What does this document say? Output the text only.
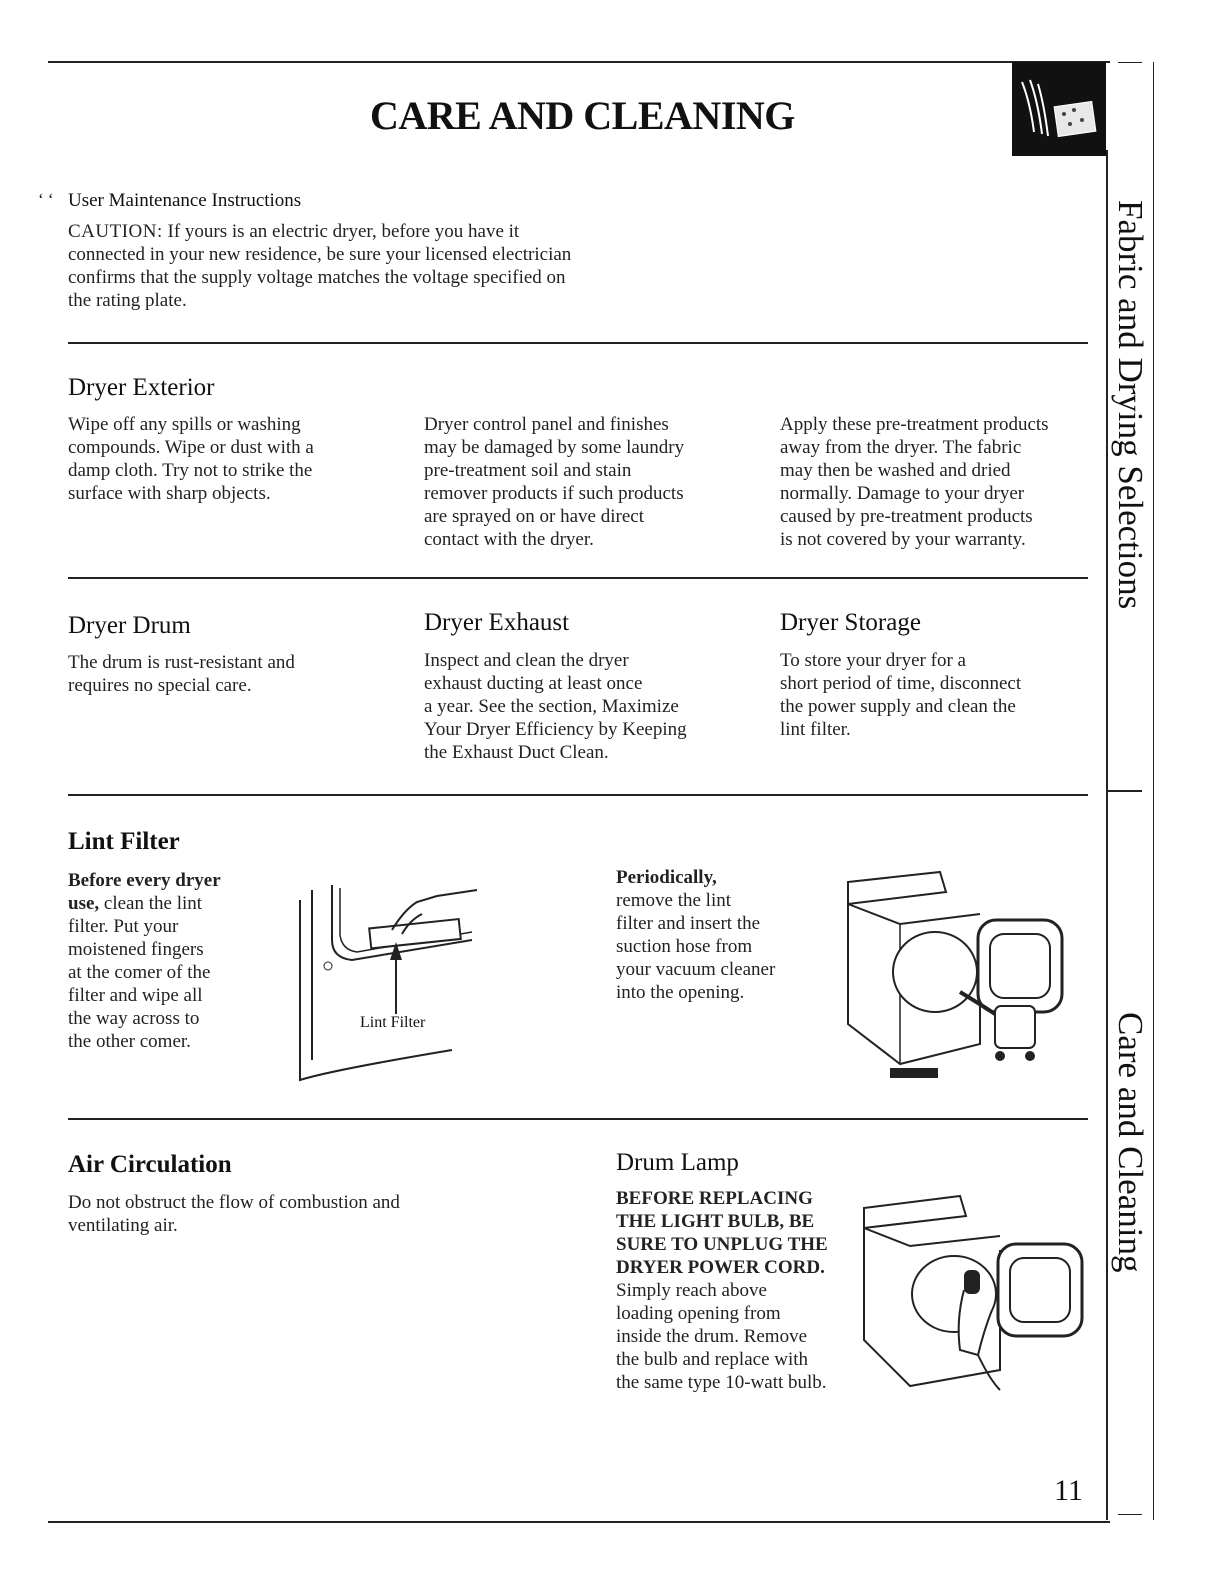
CARE AND CLEANING
‘ ‘ User Maintenance Instructions
CAUTION: If yours is an electric dryer, before you have it
connected in your new residence, be sure your licensed electrician
confirms that the supply voltage matches the voltage specified on
the rating plate.
Dryer Exterior
Wipe off any spills or washing
compounds. Wipe or dust with a
damp cloth. Try not to strike the
surface with sharp objects.
Dryer control panel and finishes
may be damaged by some laundry
pre-treatment soil and stain
remover products if such products
are sprayed on or have direct
contact with the dryer.
Apply these pre-treatment products
away from the dryer. The fabric
may then be washed and dried
normally. Damage to your dryer
caused by pre-treatment products
is not covered by your warranty.
Dryer Drum
The drum is rust-resistant and
requires no special care.
Dryer Exhaust
Inspect and clean the dryer
exhaust ducting at least once
a year. See the section, Maximize
Your Dryer Efficiency by Keeping
the Exhaust Duct Clean.
Dryer Storage
To store your dryer for a
short period of time, disconnect
the power supply and clean the
lint filter.
Lint Filter
Before every dryer
use, clean the lint
filter. Put your
moistened fingers
at the comer of the
filter and wipe all
the way across to
the other comer.
Lint Filter
Periodically,
remove the lint
filter and insert the
suction hose from
your vacuum cleaner
into the opening.
Air Circulation
Do not obstruct the flow of combustion and
ventilating air.
Drum Lamp
BEFORE REPLACING
THE LIGHT BULB, BE
SURE TO UNPLUG THE
DRYER POWER CORD.
Simply reach above
loading opening from
inside the drum. Remove
the bulb and replace with
the same type 10-watt bulb.
Fabric and Drying Selections
Care and Cleaning
11
